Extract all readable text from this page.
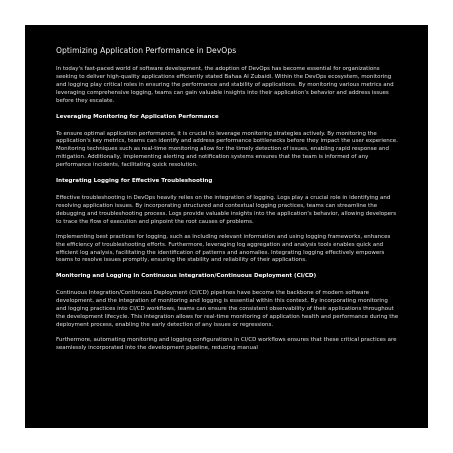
Optimizing Application Performance in DevOps

In today's fast-paced world of software development, the adoption of DevOps has become essential for organizations seeking to deliver high-quality applications efficiently stated Bahaa Al Zubaidi. Within the DevOps ecosystem, monitoring and logging play critical roles in ensuring the performance and stability of applications. By monitoring various metrics and leveraging comprehensive logging, teams can gain valuable insights into their application's behavior and address issues before they escalate.

Leveraging Monitoring for Application Performance

To ensure optimal application performance, it is crucial to leverage monitoring strategies actively. By monitoring the application's key metrics, teams can identify and address performance bottlenecks before they impact the user experience. Monitoring techniques such as real-time monitoring allow for the timely detection of issues, enabling rapid response and mitigation. Additionally, implementing alerting and notification systems ensures that the team is informed of any performance incidents, facilitating quick resolution.

Integrating Logging for Effective Troubleshooting

Effective troubleshooting in DevOps heavily relies on the integration of logging. Logs play a crucial role in identifying and resolving application issues. By incorporating structured and contextual logging practices, teams can streamline the debugging and troubleshooting process. Logs provide valuable insights into the application's behavior, allowing developers to trace the flow of execution and pinpoint the root causes of problems.

Implementing best practices for logging, such as including relevant information and using logging frameworks, enhances the efficiency of troubleshooting efforts. Furthermore, leveraging log aggregation and analysis tools enables quick and efficient log analysis, facilitating the identification of patterns and anomalies. Integrating logging effectively empowers teams to resolve issues promptly, ensuring the stability and reliability of their applications.

Monitoring and Logging in Continuous Integration/Continuous Deployment (CI/CD)

Continuous Integration/Continuous Deployment (CI/CD) pipelines have become the backbone of modern software development, and the integration of monitoring and logging is essential within this context. By incorporating monitoring and logging practices into CI/CD workflows, teams can ensure the consistent observability of their applications throughout the development lifecycle. This integration allows for real-time monitoring of application health and performance during the deployment process, enabling the early detection of any issues or regressions.

Furthermore, automating monitoring and logging configurations in CI/CD workflows ensures that these critical practices are seamlessly incorporated into the development pipeline, reducing manual
